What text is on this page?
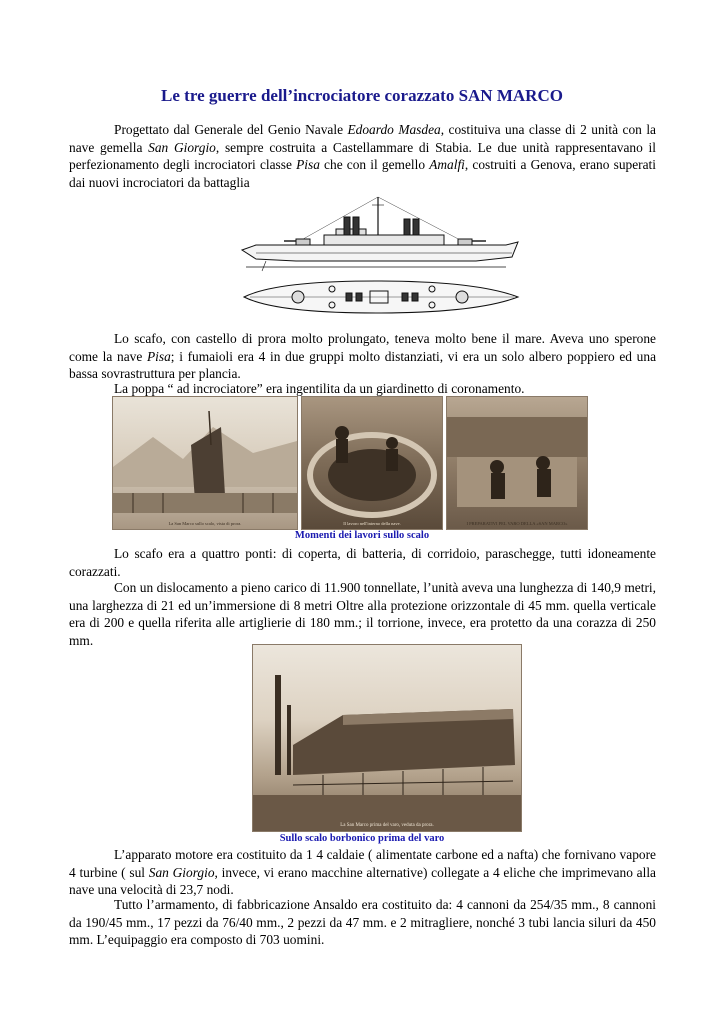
Le tre guerre dell’incrociatore corazzato SAN MARCO

Progettato dal Generale del Genio Navale Edoardo Masdea, costituiva una classe di 2 unità con la nave gemella San Giorgio, sempre costruita a Castellammare di Stabia. Le due unità rappresentavano il perfezionamento degli incrociatori classe Pisa che con il gemello Amalfi, costruiti a Genova, erano superati dai nuovi incrociatori da battaglia

Lo scafo, con castello di prora molto prolungato, teneva molto bene il mare. Aveva uno sperone come la nave Pisa; i fumaioli era 4 in due gruppi molto distanziati, vi era un solo albero poppiero ed una bassa sovrastruttura per plancia.

La poppa “ ad incrociatore” era ingentilita da un giardinetto di coronamento.

La San Marco sullo scalo, vista di prora.	Il lavoro nell'interno della nave.	I PREPARATIVI PEL VARO DELLA «SAN MARCO»
Momenti dei lavori sullo scalo

Lo scafo era a quattro ponti: di coperta, di batteria, di corridoio, paraschegge, tutti idoneamente corazzati.

Con un dislocamento a pieno carico di 11.900 tonnellate, l’unità aveva una lunghezza di 140,9 metri, una larghezza di 21 ed un’immersione di 8 metri Oltre alla protezione orizzontale di 45 mm. quella verticale era di 200 e quella riferita alle artiglierie di 180 mm.; il torrione, invece, era protetto da una corazza di 250 mm.

La San Marco prima del varo, veduta da prora.
Sullo scalo borbonico prima del varo

L’apparato motore era costituito da 1 4 caldaie ( alimentate carbone ed a nafta) che fornivano vapore 4 turbine ( sul San Giorgio, invece, vi erano macchine alternative) collegate a 4 eliche che imprimevano alla nave una velocità di 23,7 nodi.

Tutto l’armamento, di fabbricazione Ansaldo era costituito da: 4 cannoni da 254/35 mm., 8 cannoni da 190/45 mm., 17 pezzi da 76/40 mm., 2 pezzi da 47 mm. e 2 mitragliere, nonché 3 tubi lancia siluri da 450 mm. L’equipaggio era composto di 703 uomini.
